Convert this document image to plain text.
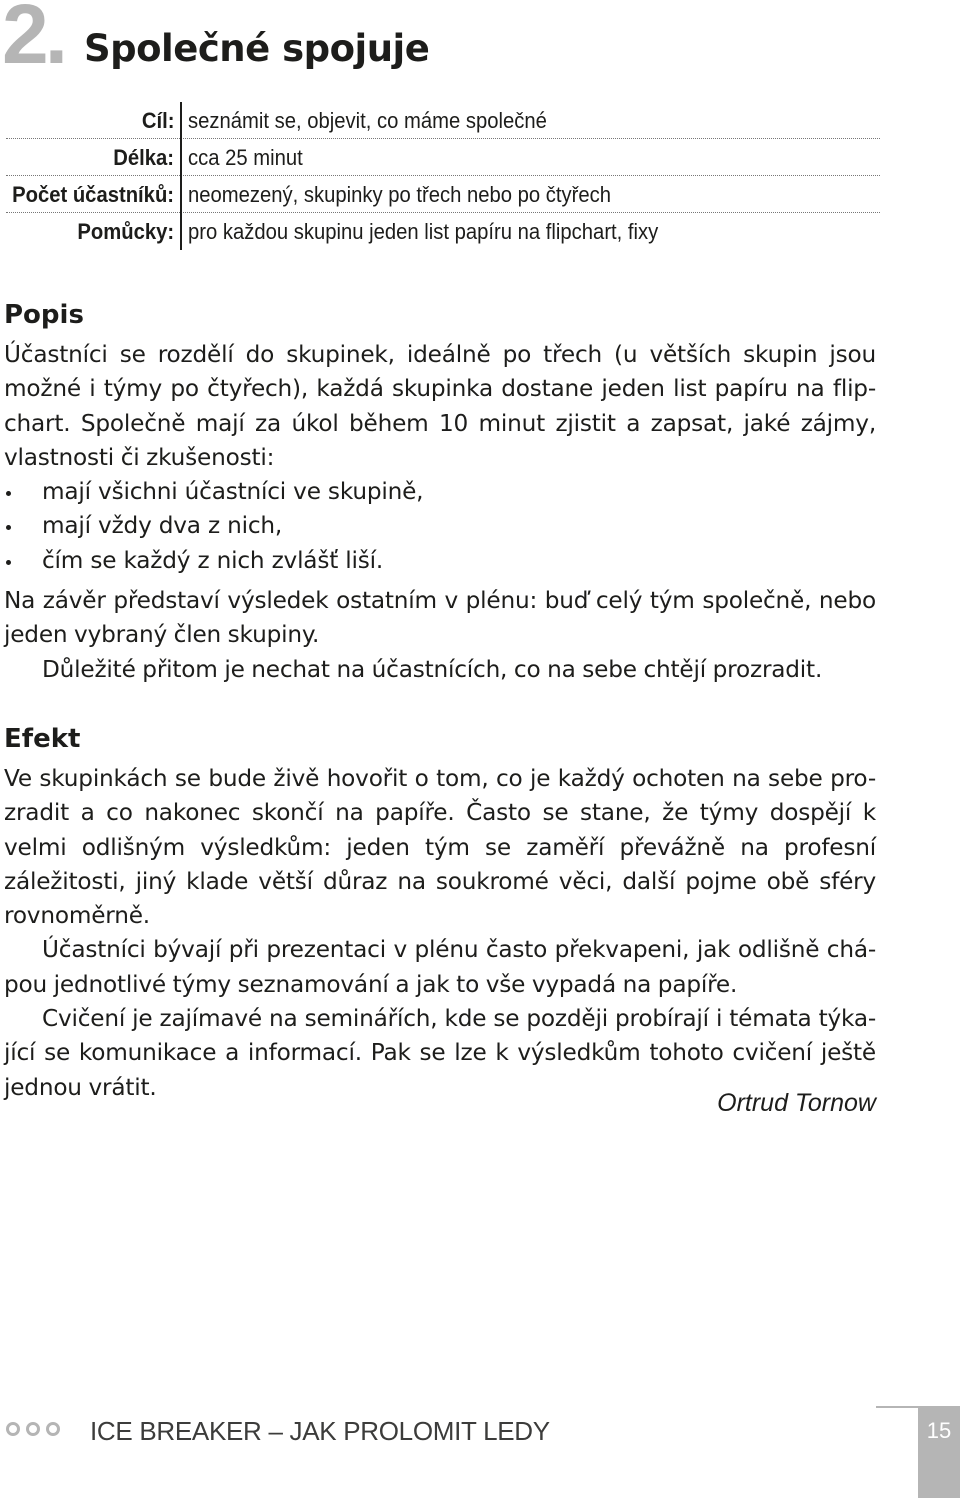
2. Společné spojuje
Cíl: seznámit se, objevit, co máme společné
Délka: cca 25 minut
Počet účastníků: neomezený, skupinky po třech nebo po čtyřech
Pomůcky: pro každou skupinu jeden list papíru na flipchart, fixy
Popis

Účastníci se rozdělí do skupinek, ideálně po třech (u větších skupin jsou možné i týmy po čtyřech), každá skupinka dostane jeden list papíru na flip-chart. Společně mají za úkol během 10 minut zjistit a zapsat, jaké zájmy, vlastnosti či zkušenosti:

mají všichni účastníci ve skupině,
mají vždy dva z nich,
čím se každý z nich zvlášť liší.

Na závěr představí výsledek ostatním v plénu: buď celý tým společně, nebo jeden vybraný člen skupiny.

Důležité přitom je nechat na účastnících, co na sebe chtějí prozradit.

Efekt

Ve skupinkách se bude živě hovořit o tom, co je každý ochoten na sebe pro-zradit a co nakonec skončí na papíře. Často se stane, že týmy dospějí k velmi odlišným výsledkům: jeden tým se zaměří převážně na profesní záležitosti, jiný klade větší důraz na soukromé věci, další pojme obě sféry rovnoměrně.

Účastníci bývají při prezentaci v plénu často překvapeni, jak odlišně chá-pou jednotlivé týmy seznamování a jak to vše vypadá na papíře.

Cvičení je zajímavé na seminářích, kde se později probírají i témata týka-jící se komunikace a informací. Pak se lze k výsledkům tohoto cvičení ještě jednou vrátit.

Ortrud Tornow
ICE BREAKER – JAK PROLOMIT LEDY	15
